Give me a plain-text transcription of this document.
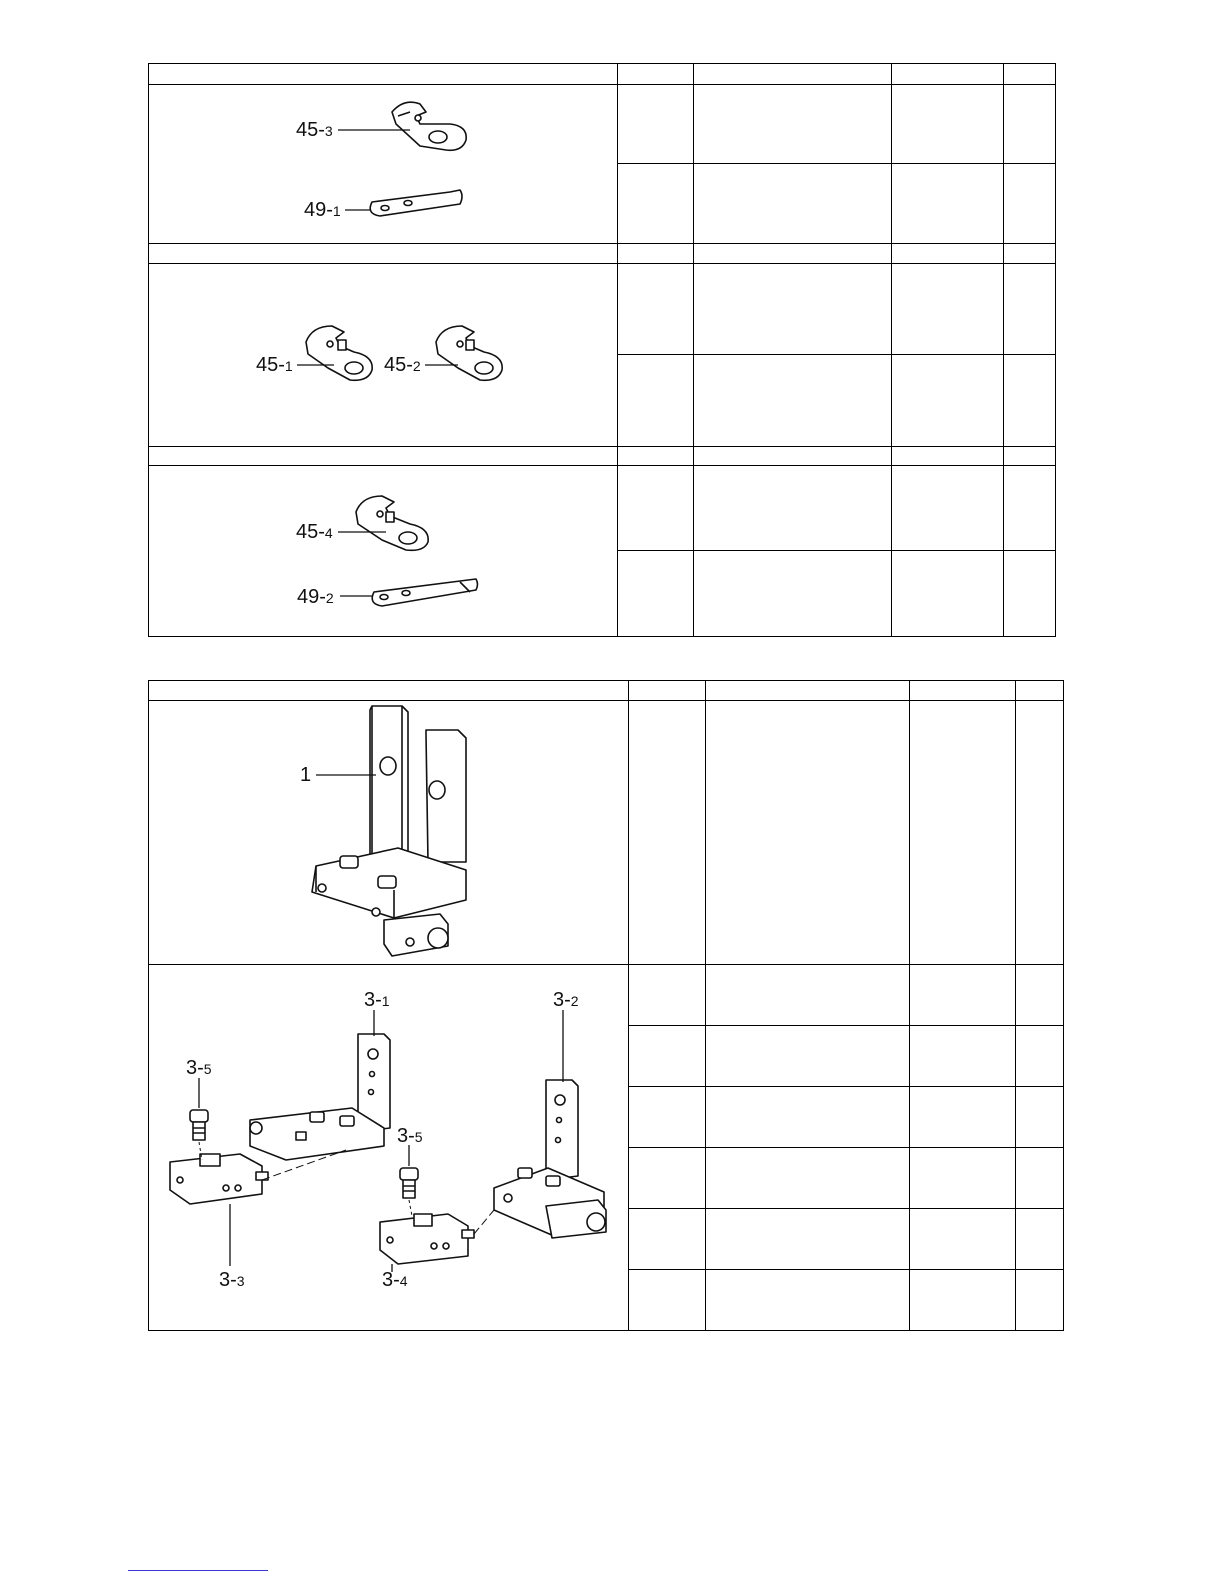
45-3
49-1
45-1	45-2
45-4
49-2
1
3-1	3-2
3-5
3-5
3-3	3-4
